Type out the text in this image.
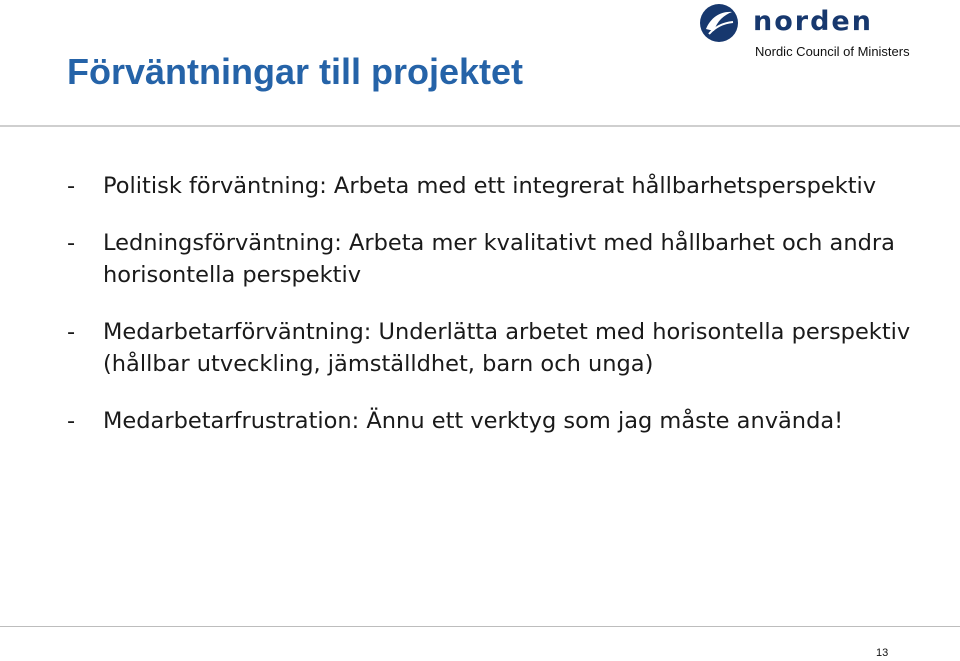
Förväntningar till projektet
norden
Nordic Council of Ministers
- Politisk förväntning: Arbeta med ett integrerat hållbarhetsperspektiv
- Ledningsförväntning: Arbeta mer kvalitativt med hållbarhet och andra horisontella perspektiv
- Medarbetarförväntning: Underlätta arbetet med horisontella perspektiv (hållbar utveckling, jämställdhet, barn och unga)
- Medarbetarfrustration: Ännu ett verktyg som jag måste använda!
13
